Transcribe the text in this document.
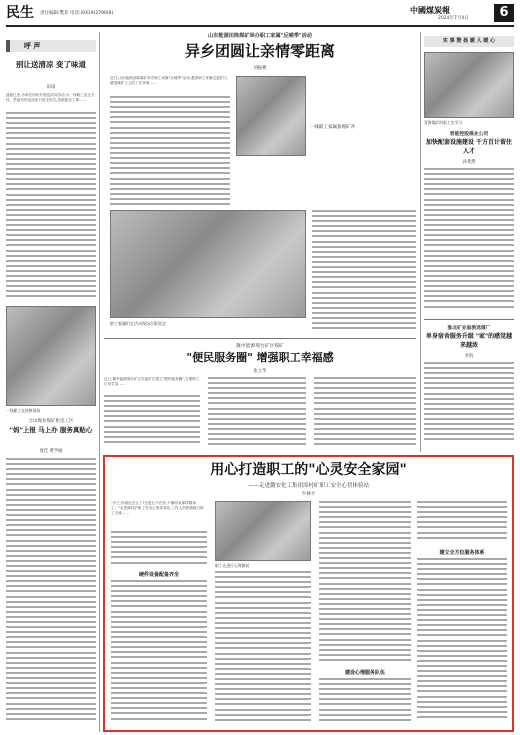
民生 责任编辑:樊菲 电话:(0419)2790(8)	中國煤炭報
2024年7月4日	6
呼 声
别让送清凉 变了味道
田雨
盛夏已至,各单位纷纷开展送清凉活动,为一线职工送去关怀。然而有的送清凉只是走形式,拍照留念了事……
一线职工在检修现场
合山煤业煤矿机电工区
"妈"上报 马上办 服务真贴心
庞佳 黄学丽
山东能源田陈煤矿举办职工家属"反哺季"活动
异乡团圆让亲情零距离
刘振彬
近日,山东能源田陈煤矿举办职工家属"反哺季"活动,邀请职工家属走进矿区,感受煤矿工人的工作环境……
一线职工家属参观矿井
职工家属们在活动现场合影留念
实 事 赞 扬 暖 人 暖 心
青海煤矿的职工在学习
晋能控股煤业公司
加快配套设施建设 千方百计留住人才
孙斐然
淮北矿业临涣选煤厂
单身宿舍服务升级 "家"的感觉越来越浓
李海
冀中能源邢台矿区煤矿
"便民服务圈" 增强职工幸福感
张立华
近日,冀中能源邢台矿区东庞矿区建立"便民服务圈",方便职工日常生活……
用心打造职工的"心灵安全家园"
——走进潞安化工集团漳村矿职工安全心智体验站
牛林平
"小王,你最近怎么了?总是心不在焉,不像原来那样精神了。"走进漳村矿职工安全心智体验站,工作人员热情地与职工交流……
硬件设备配备齐全
职工在进行心理测试
建设心理服务队伍
建立全方位服务体系
